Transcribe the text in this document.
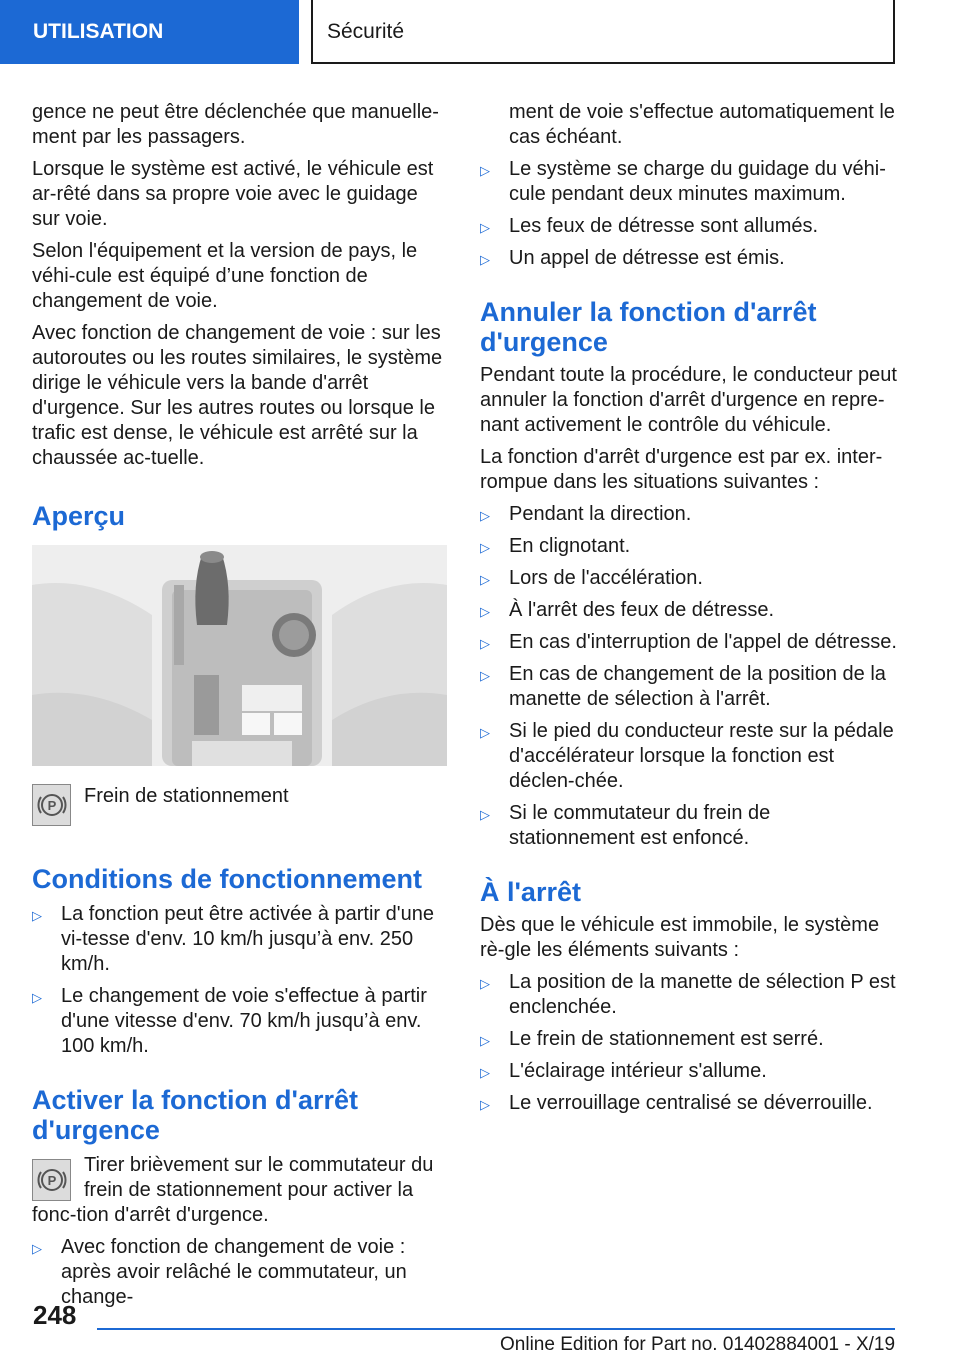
UTILISATION	Sécurité

gence ne peut être déclenchée que manuelle-ment par les passagers.

Lorsque le système est activé, le véhicule est ar-rêté dans sa propre voie avec le guidage sur voie.

Selon l'équipement et la version de pays, le véhi-cule est équipé d’une fonction de changement de voie.

Avec fonction de changement de voie : sur les autoroutes ou les routes similaires, le système dirige le véhicule vers la bande d'arrêt d'urgence. Sur les autres routes ou lorsque le trafic est dense, le véhicule est arrêté sur la chaussée ac-tuelle.

Aperçu
P Frein de stationnement
Conditions de fonctionnement
▷ La fonction peut être activée à partir d'une vi-tesse d'env. 10 km/h jusqu’à env. 250 km/h.
▷ Le changement de voie s'effectue à partir d'une vitesse d'env. 70 km/h jusqu’à env. 100 km/h.
Activer la fonction d'arrêt d'urgence

P
Tirer brièvement sur le commutateur du frein de stationnement pour activer la fonc-tion d'arrêt d'urgence.

▷ Avec fonction de changement de voie : après avoir relâché le commutateur, un change-
ment de voie s'effectue automatiquement le cas échéant.
▷ Le système se charge du guidage du véhi-cule pendant deux minutes maximum.
▷ Les feux de détresse sont allumés.
▷ Un appel de détresse est émis.
Annuler la fonction d'arrêt d'urgence

Pendant toute la procédure, le conducteur peut annuler la fonction d'arrêt d'urgence en repre-nant activement le contrôle du véhicule.

La fonction d'arrêt d'urgence est par ex. inter-rompue dans les situations suivantes :

▷ Pendant la direction.
▷ En clignotant.
▷ Lors de l'accélération.
▷ À l'arrêt des feux de détresse.
▷ En cas d'interruption de l'appel de détresse.
▷ En cas de changement de la position de la manette de sélection à l'arrêt.
▷ Si le pied du conducteur reste sur la pédale d'accélérateur lorsque la fonction est déclen-chée.
▷ Si le commutateur du frein de stationnement est enfoncé.
À l'arrêt

Dès que le véhicule est immobile, le système rè-gle les éléments suivants :

▷ La position de la manette de sélection P est enclenchée.
▷ Le frein de stationnement est serré.
▷ L'éclairage intérieur s'allume.
▷ Le verrouillage centralisé se déverrouille.
248
Online Edition for Part no. 01402884001 - X/19
